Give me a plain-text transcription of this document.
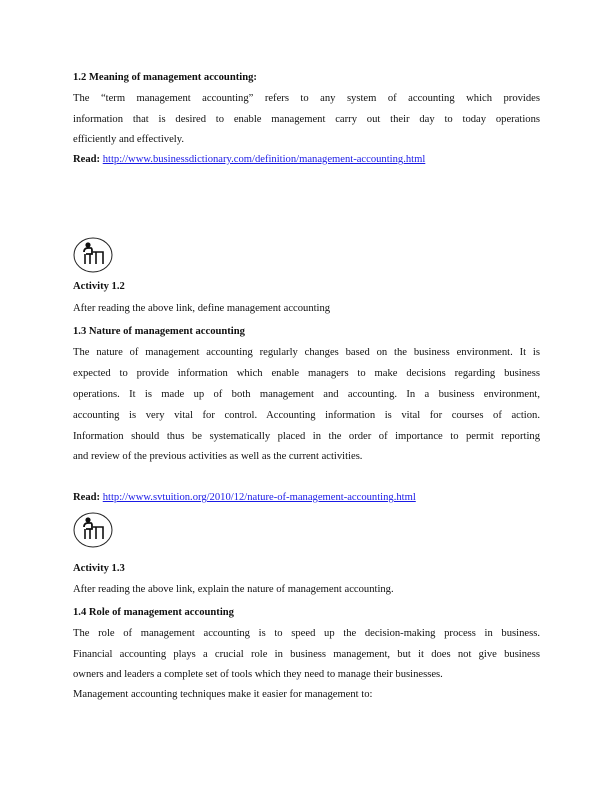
1.2 Meaning of management accounting:
The “term management accounting” refers to any system of accounting which provides
information that is desired to enable management carry out their day to today operations
efficiently and effectively.
Read: http://www.businessdictionary.com/definition/management-accounting.html
Activity 1.2
After reading the above link, define management accounting
1.3 Nature of management accounting
The nature of management accounting regularly changes based on the business environment. It is
expected to provide information which enable managers to make decisions regarding business
operations. It is made up of both management and accounting. In a business environment,
accounting is very vital for control. Accounting information is vital for courses of action.
Information should thus be systematically placed in the order of importance to permit reporting
and review of the previous activities as well as the current activities.
Read: http://www.svtuition.org/2010/12/nature-of-management-accounting.html
Activity 1.3
After reading the above link, explain the nature of management accounting.
1.4 Role of management accounting
The role of management accounting is to speed up the decision-making process in business.
Financial accounting plays a crucial role in business management, but it does not give business
owners and leaders a complete set of tools which they need to manage their businesses.
Management accounting techniques make it easier for management to:
